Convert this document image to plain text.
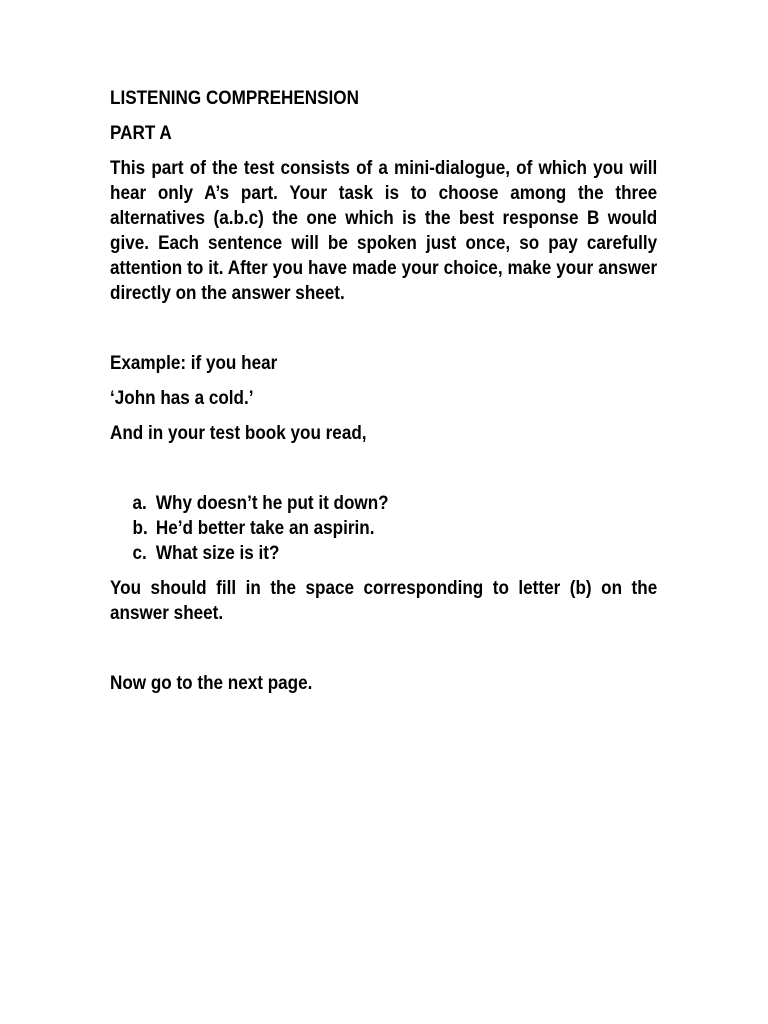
LISTENING COMPREHENSION

PART A

This part of the test consists of a mini-dialogue, of which you will hear only A’s part. Your task is to choose among the three alternatives (a.b.c) the one which is the best response B would give. Each sentence will be spoken just once, so pay carefully attention to it. After you have made your choice, make your answer directly on the answer sheet.

Example: if you hear

‘John has a cold.’

And in your test book you read,

a. Why doesn’t he put it down?
b. He’d better take an aspirin.
c. What size is it?

You should fill in the space corresponding to letter (b) on the answer sheet.

Now go to the next page.
